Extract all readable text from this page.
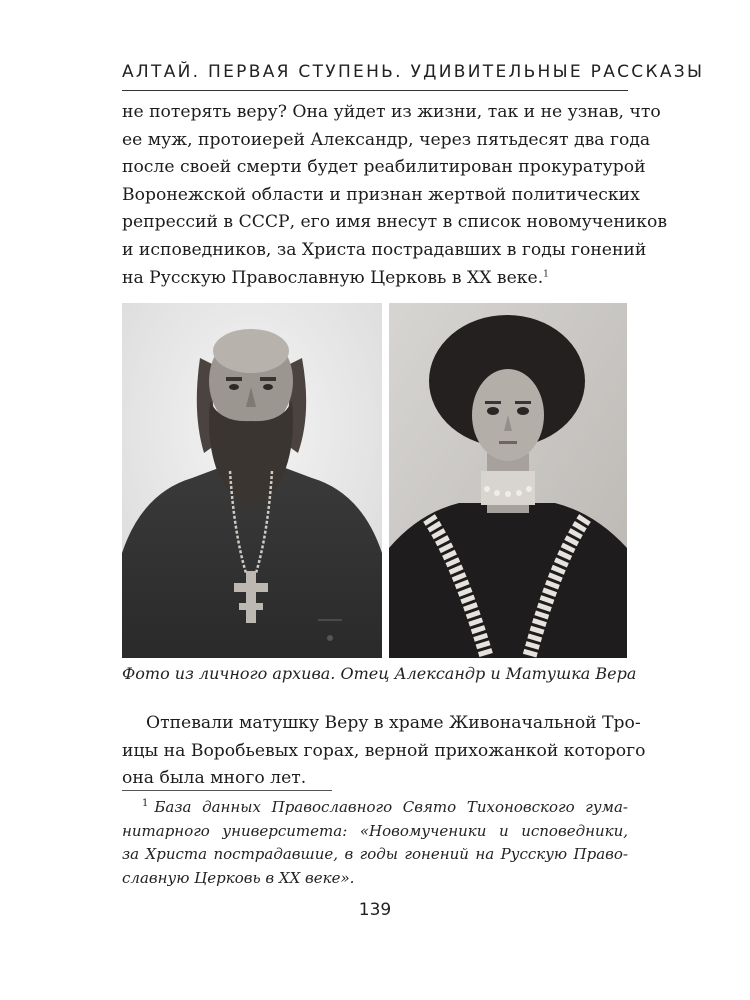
АЛТАЙ. ПЕРВАЯ СТУПЕНЬ. УДИВИТЕЛЬНЫЕ РАССКАЗЫ
не потерять веру? Она уйдет из жизни, так и не узнав, что
ее муж, протоиерей Александр, через пятьдесят два года
после своей смерти будет реабилитирован прокуратурой
Воронежской области и признан жертвой политических
репрессий в СССР, его имя внесут в список новомучеников
и исповедников, за Христа пострадавших в годы гонений
на Русскую Православную Церковь в XX веке.$^1$
Фото из личного архива. Отец Александр и Матушка Вера
Отпевали матушку Веру в храме Живоначальной Тро-
ицы на Воробьевых горах, верной прихожанкой которого
она была много лет.
$^1$ База данных Православного Свято Тихоновского гума-
нитарного университета: «Новомученики и исповедники,
за Христа пострадавшие, в годы гонений на Русскую Право-
славную Церковь в XX веке».
139
